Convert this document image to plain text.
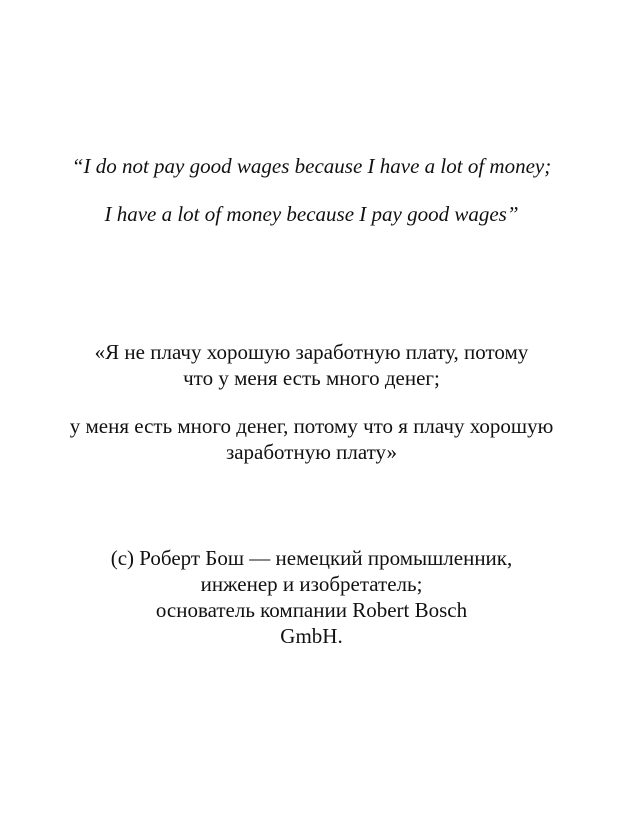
“I do not pay good wages because I have a lot of money;
I have a lot of money because I pay good wages”
«Я не плачу хорошую заработную плату, потому
что у меня есть много денег;
у меня есть много денег, потому что я плачу хорошую
заработную плату»
(c) Роберт Бош — немецкий промышленник,
инженер и изобретатель;
основатель компании Robert Bosch
GmbH.
